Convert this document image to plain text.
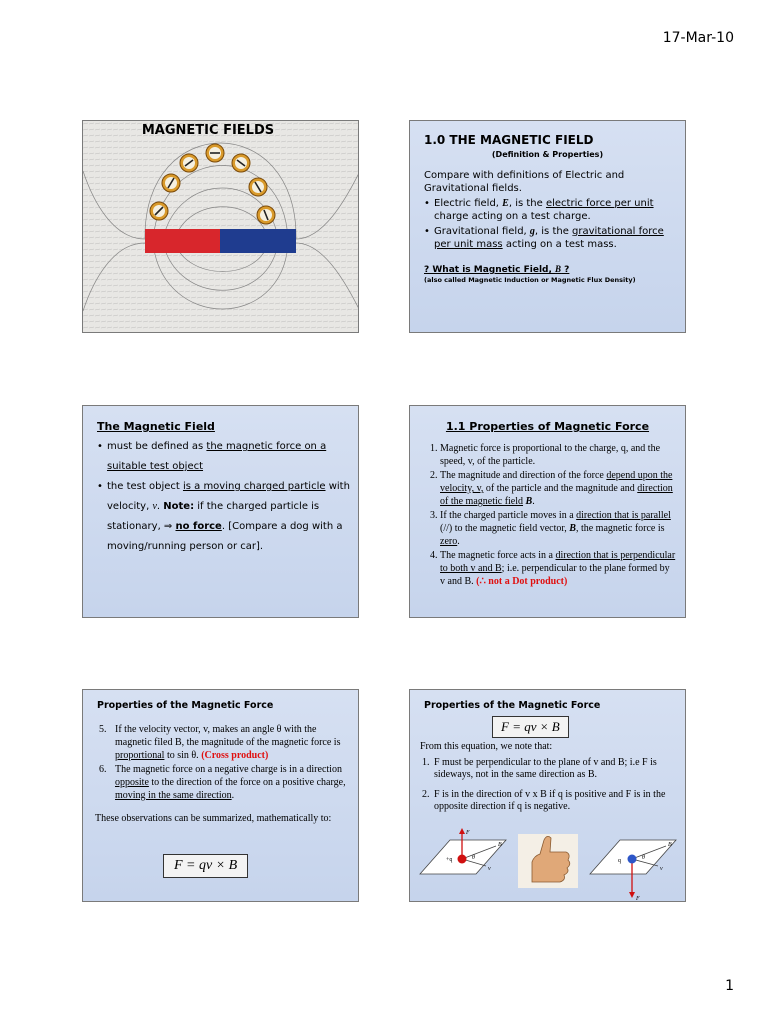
17-Mar-10
MAGNETIC FIELDS
1.0 THE MAGNETIC FIELD
(Definition & Properties)
Compare with definitions of Electric and Gravitational fields.
• Electric field, E, is the electric force per unit charge acting on a test charge.
• Gravitational field, g, is the gravitational force per unit mass acting on a test mass.
? What is Magnetic Field, B ?
(also called Magnetic Induction or Magnetic Flux Density)
The Magnetic Field
• must be defined as the magnetic force on a suitable test object
• the test object is a moving charged particle with velocity, v. Note: if the charged particle is stationary, ⇒ no force. [Compare a dog with a moving/running person or car].
1.1 Properties of Magnetic Force
1. Magnetic force is proportional to the charge, q, and the speed, v, of the particle.
2. The magnitude and direction of the force depend upon the velocity, v, of the particle and the magnitude and direction of the magnetic field B.
3. If the charged particle moves in a direction that is parallel (//) to the magnetic field vector, B, the magnetic force is zero.
4. The magnetic force acts in a direction that is perpendicular to both v and B; i.e. perpendicular to the plane formed by v and B. (∴ not a Dot product)
Properties of the Magnetic Force
5. If the velocity vector, v, makes an angle θ with the magnetic filed B, the magnitude of the magnetic force is proportional to sin θ. (Cross product)
6. The magnetic force on a negative charge is in a direction opposite to the direction of the force on a positive charge, moving in the same direction.
These observations can be summarized, mathematically to:
F = qv × B
Properties of the Magnetic Force
F = qv × B
From this equation, we note that:
1. F must be perpendicular to the plane of v and B; i.e F is sideways, not in the same direction as B.
2. F is in the direction of v x B if q is positive and F is in the opposite direction if q is negative.
+q
F
B
v
θ	q
F
B
v
θ
1
